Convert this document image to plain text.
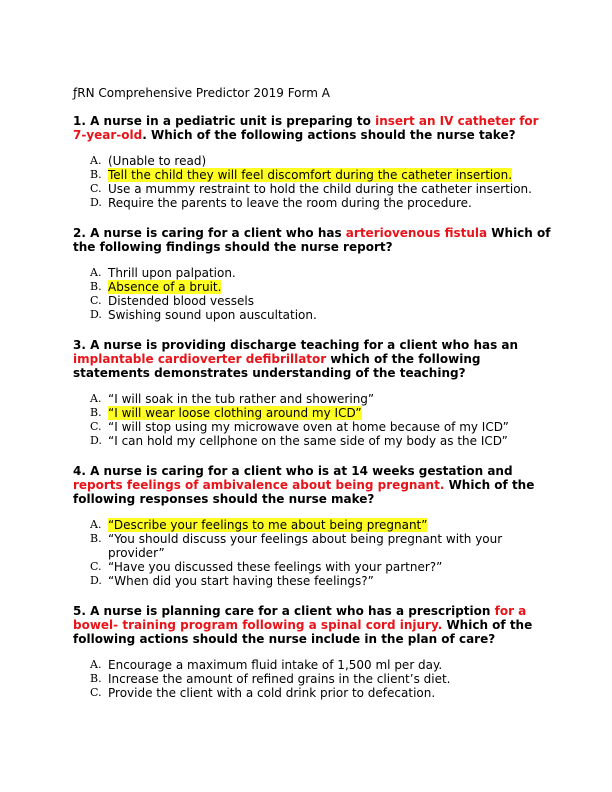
ƒRN Comprehensive Predictor 2019 Form A

1. A nurse in a pediatric unit is preparing to insert an IV catheter for 7-year-old. Which of the following actions should the nurse take?

A. (Unable to read)
B. Tell the child they will feel discomfort during the catheter insertion.
C. Use a mummy restraint to hold the child during the catheter insertion.
D. Require the parents to leave the room during the procedure.

2. A nurse is caring for a client who has arteriovenous fistula Which of the following findings should the nurse report?

A. Thrill upon palpation.
B. Absence of a bruit.
C. Distended blood vessels
D. Swishing sound upon auscultation.

3. A nurse is providing discharge teaching for a client who has an implantable cardioverter defibrillator which of the following statements demonstrates understanding of the teaching?

A. “I will soak in the tub rather and showering”
B. “I will wear loose clothing around my ICD”
C. “I will stop using my microwave oven at home because of my ICD”
D. “I can hold my cellphone on the same side of my body as the ICD”

4. A nurse is caring for a client who is at 14 weeks gestation and reports feelings of ambivalence about being pregnant. Which of the following responses should the nurse make?

A. “Describe your feelings to me about being pregnant”
B. “You should discuss your feelings about being pregnant with your provider”
C. “Have you discussed these feelings with your partner?”
D. “When did you start having these feelings?”

5. A nurse is planning care for a client who has a prescription for a bowel- training program following a spinal cord injury. Which of the following actions should the nurse include in the plan of care?

A. Encourage a maximum fluid intake of 1,500 ml per day.
B. Increase the amount of refined grains in the client’s diet.
C. Provide the client with a cold drink prior to defecation.
